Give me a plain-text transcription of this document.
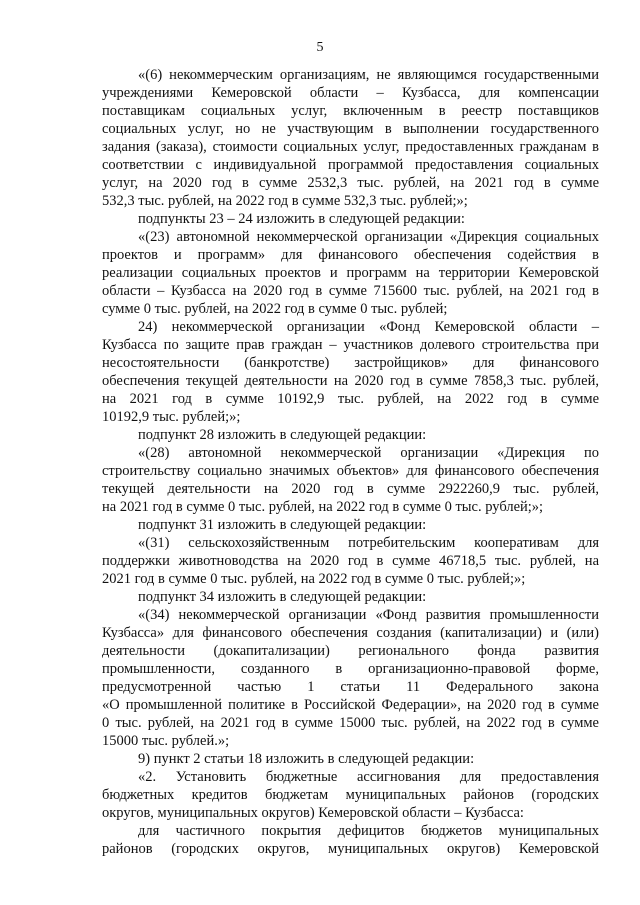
5
«(6) некоммерческим организациям, не являющимся государственными
учреждениями Кемеровской области – Кузбасса, для компенсации
поставщикам социальных услуг, включенным в реестр поставщиков
социальных услуг, но не участвующим в выполнении государственного
задания (заказа), стоимости социальных услуг, предоставленных гражданам в
соответствии с индивидуальной программой предоставления социальных
услуг, на 2020 год в сумме 2532,3 тыс. рублей, на 2021 год в сумме
532,3 тыс. рублей, на 2022 год в сумме 532,3 тыс. рублей;»;
подпункты 23 – 24 изложить в следующей редакции:
«(23) автономной некоммерческой организации «Дирекция социальных
проектов и программ» для финансового обеспечения содействия в
реализации социальных проектов и программ на территории Кемеровской
области – Кузбасса на 2020 год в сумме 715600 тыс. рублей, на 2021 год в
сумме 0 тыс. рублей, на 2022 год в сумме 0 тыс. рублей;
24) некоммерческой организации «Фонд Кемеровской области –
Кузбасса по защите прав граждан – участников долевого строительства при
несостоятельности (банкротстве) застройщиков» для финансового
обеспечения текущей деятельности на 2020 год в сумме 7858,3 тыс. рублей,
на 2021 год в сумме 10192,9 тыс. рублей, на 2022 год в сумме
10192,9 тыс. рублей;»;
подпункт 28 изложить в следующей редакции:
«(28) автономной некоммерческой организации «Дирекция по
строительству социально значимых объектов» для финансового обеспечения
текущей деятельности на 2020 год в сумме 2922260,9 тыс. рублей,
на 2021 год в сумме 0 тыс. рублей, на 2022 год в сумме 0 тыс. рублей;»;
подпункт 31 изложить в следующей редакции:
«(31) сельскохозяйственным потребительским кооперативам для
поддержки животноводства на 2020 год в сумме 46718,5 тыс. рублей, на
2021 год в сумме 0 тыс. рублей, на 2022 год в сумме 0 тыс. рублей;»;
подпункт 34 изложить в следующей редакции:
«(34) некоммерческой организации «Фонд развития промышленности
Кузбасса» для финансового обеспечения создания (капитализации) и (или)
деятельности (докапитализации) регионального фонда развития
промышленности, созданного в организационно-правовой форме,
предусмотренной частью 1 статьи 11 Федерального закона
«О промышленной политике в Российской Федерации», на 2020 год в сумме
0 тыс. рублей, на 2021 год в сумме 15000 тыс. рублей, на 2022 год в сумме
15000 тыс. рублей.»;
9) пункт 2 статьи 18 изложить в следующей редакции:
«2. Установить бюджетные ассигнования для предоставления
бюджетных кредитов бюджетам муниципальных районов (городских
округов, муниципальных округов) Кемеровской области – Кузбасса:
для частичного покрытия дефицитов бюджетов муниципальных
районов (городских округов, муниципальных округов) Кемеровской
